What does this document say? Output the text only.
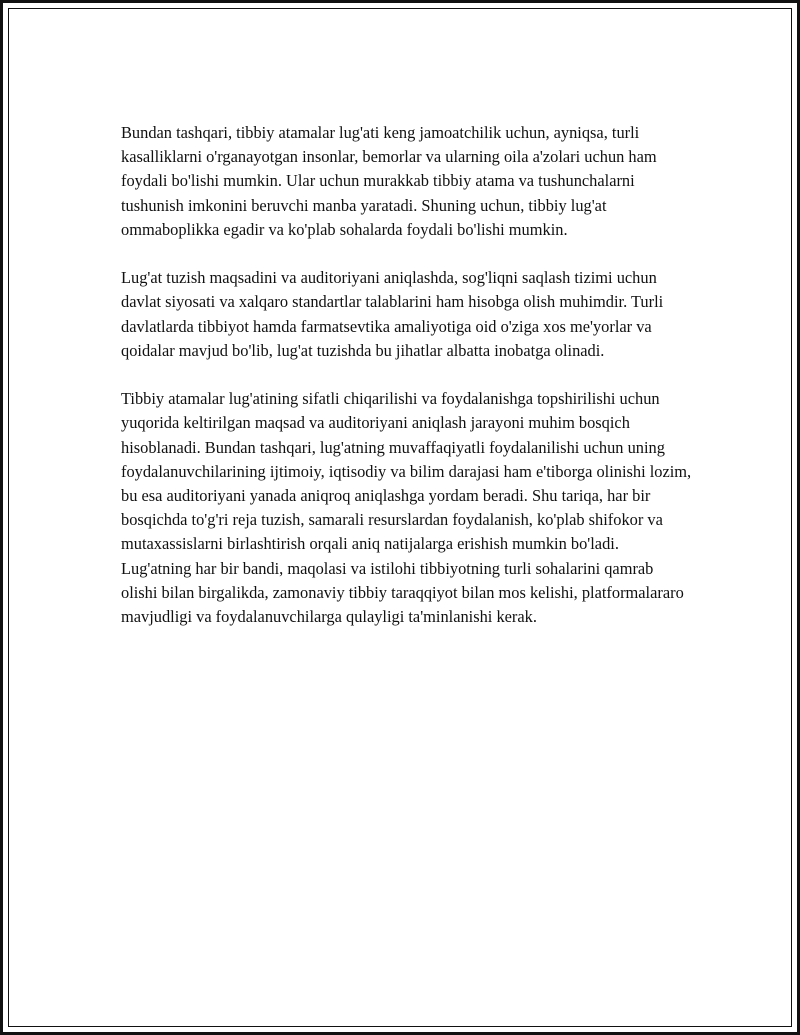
Bundan tashqari, tibbiy atamalar lug'ati keng jamoatchilik uchun, ayniqsa, turli kasalliklarni o'rganayotgan insonlar, bemorlar va ularning oila a'zolari uchun ham foydali bo'lishi mumkin. Ular uchun murakkab tibbiy atama va tushunchalarni tushunish imkonini beruvchi manba yaratadi. Shuning uchun, tibbiy lug'at ommaboplikka egadir va ko'plab sohalarda foydali bo'lishi mumkin.

Lug'at tuzish maqsadini va auditoriyani aniqlashda, sog'liqni saqlash tizimi uchun davlat siyosati va xalqaro standartlar talablarini ham hisobga olish muhimdir. Turli davlatlarda tibbiyot hamda farmatsevtika amaliyotiga oid o'ziga xos me'yorlar va qoidalar mavjud bo'lib, lug'at tuzishda bu jihatlar albatta inobatga olinadi.

Tibbiy atamalar lug'atining sifatli chiqarilishi va foydalanishga topshirilishi uchun yuqorida keltirilgan maqsad va auditoriyani aniqlash jarayoni muhim bosqich hisoblanadi. Bundan tashqari, lug'atning muvaffaqiyatli foydalanilishi uchun uning foydalanuvchilarining ijtimoiy, iqtisodiy va bilim darajasi ham e'tiborga olinishi lozim, bu esa auditoriyani yanada aniqroq aniqlashga yordam beradi. Shu tariqa, har bir bosqichda to'g'ri reja tuzish, samarali resurslardan foydalanish, ko'plab shifokor va mutaxassislarni birlashtirish orqali aniq natijalarga erishish mumkin bo'ladi. Lug'atning har bir bandi, maqolasi va istilohi tibbiyotning turli sohalarini qamrab olishi bilan birgalikda, zamonaviy tibbiy taraqqiyot bilan mos kelishi, platformalararo mavjudligi va foydalanuvchilarga qulayligi ta'minlanishi kerak.
